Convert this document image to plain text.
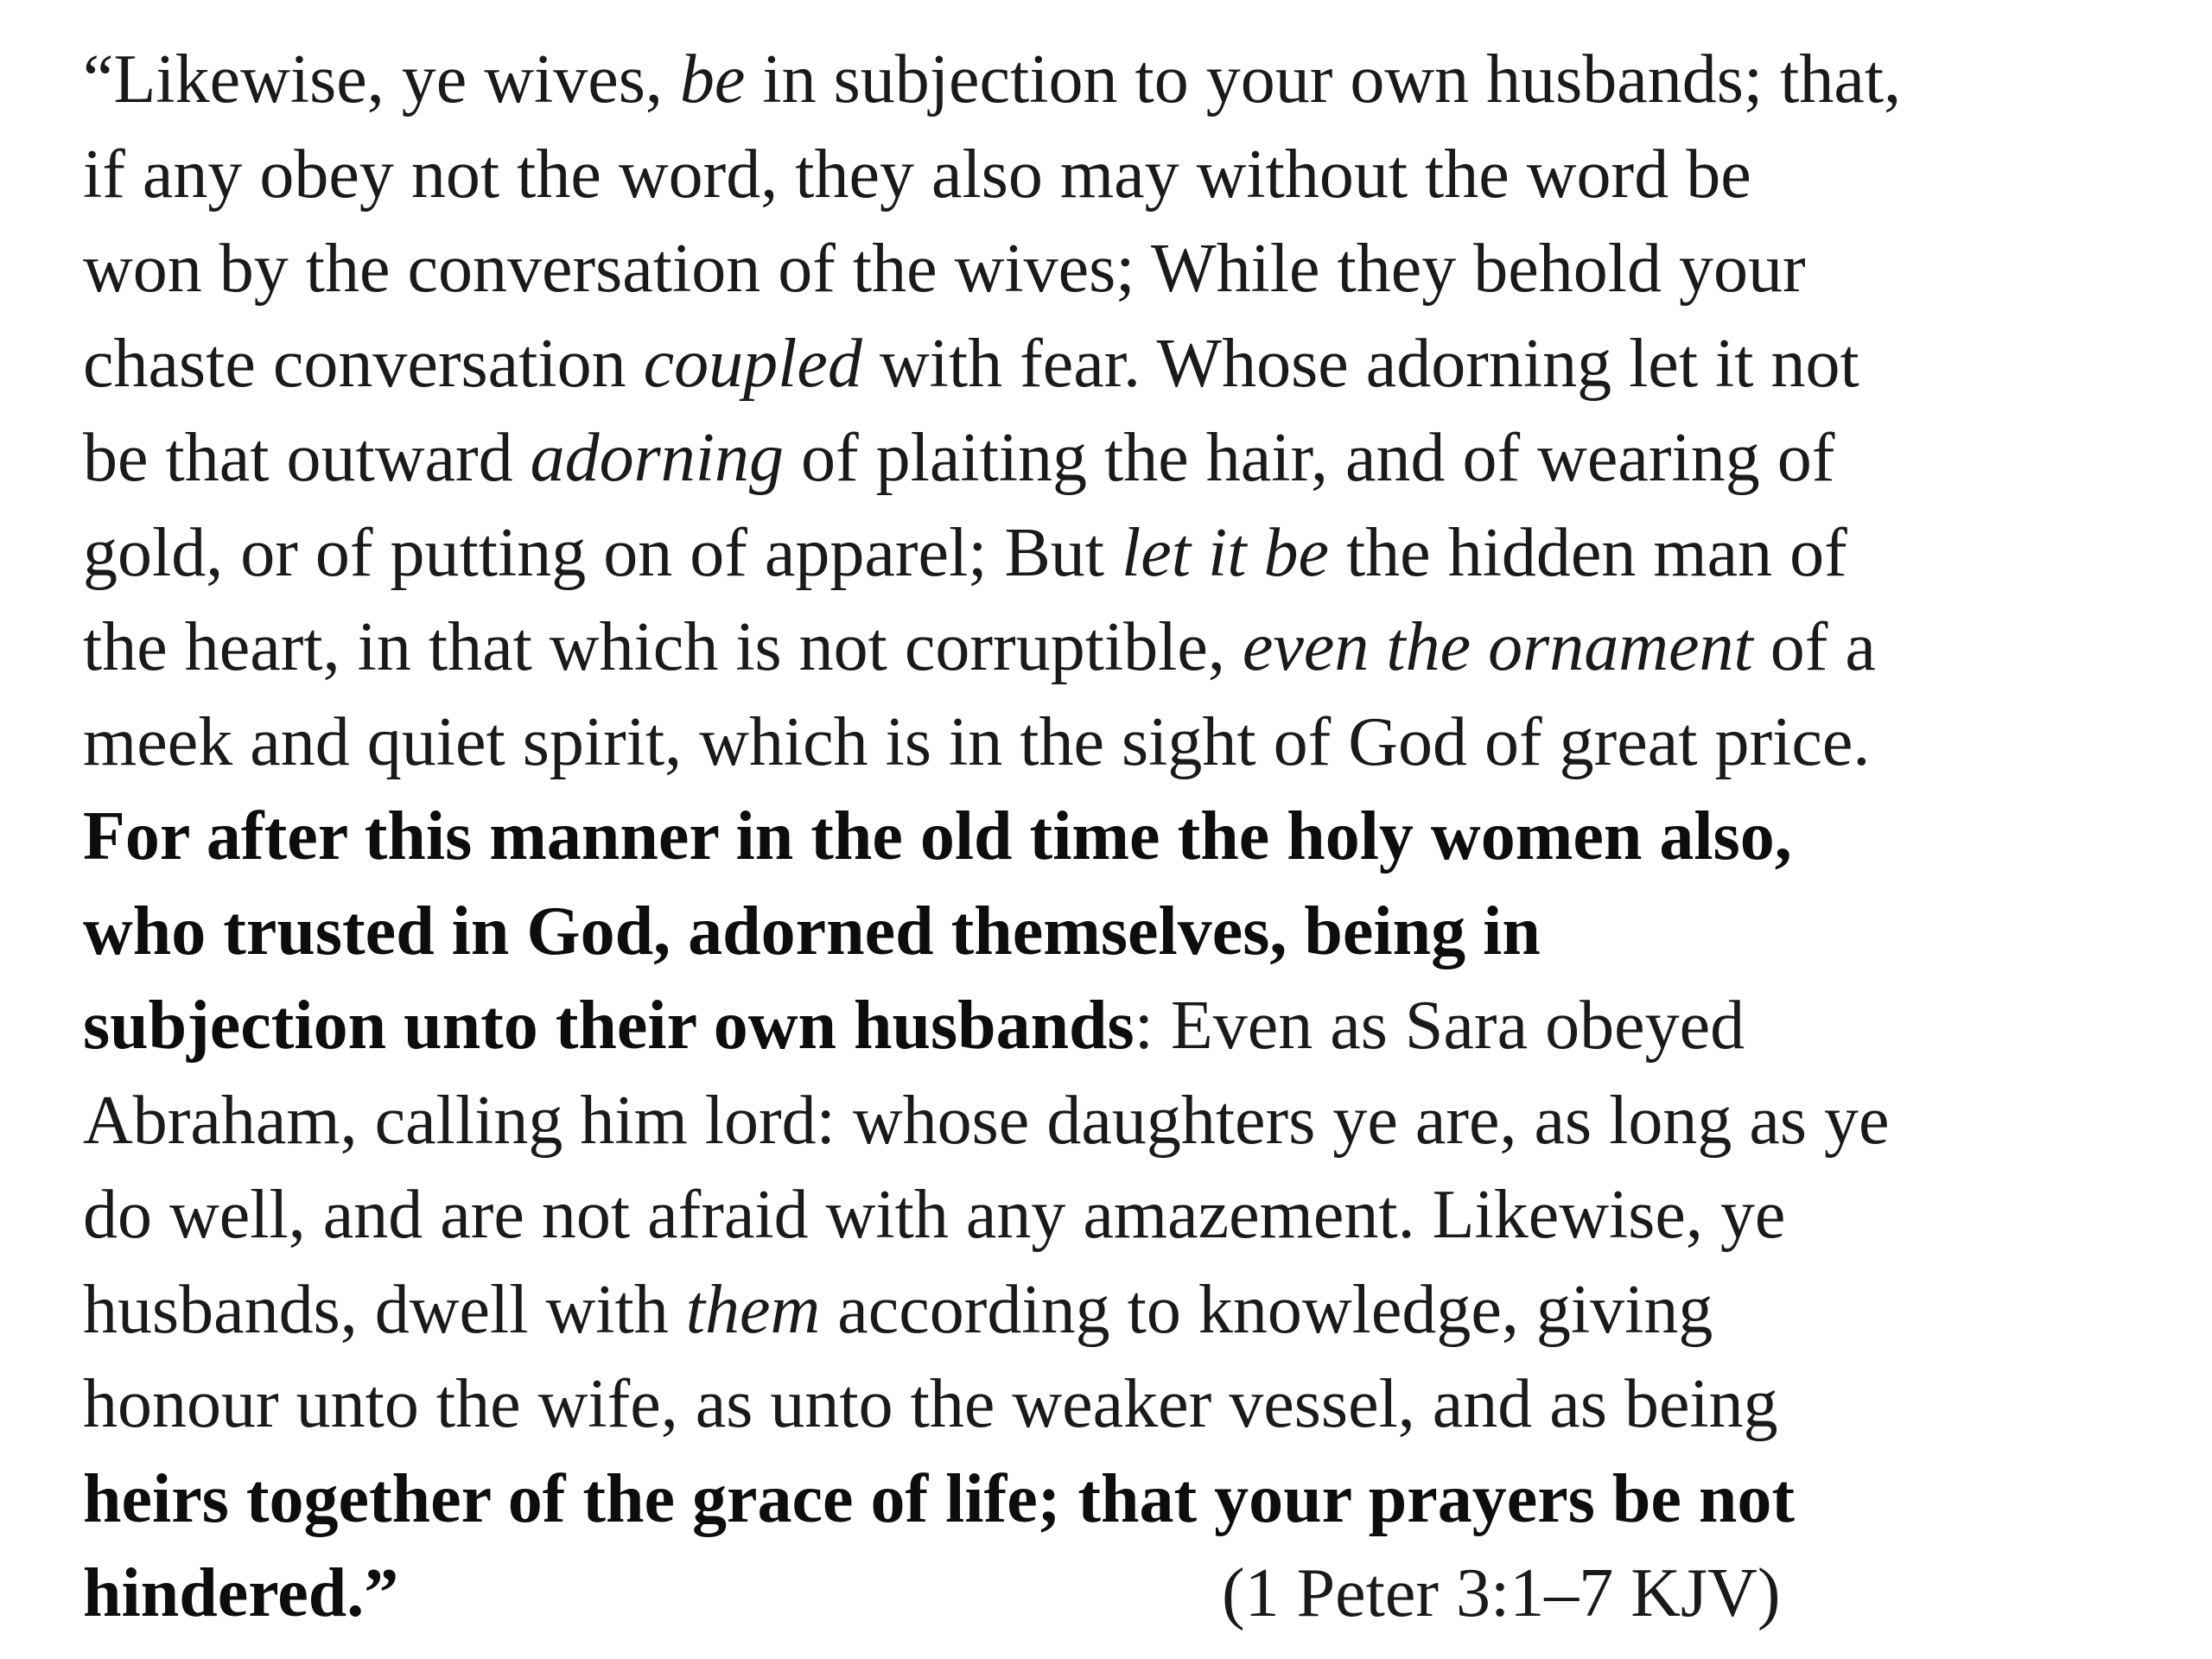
“Likewise, ye wives, be in subjection to your own husbands; that,
if any obey not the word, they also may without the word be
won by the conversation of the wives; While they behold your
chaste conversation coupled with fear. Whose adorning let it not
be that outward adorning of plaiting the hair, and of wearing of
gold, or of putting on of apparel; But let it be the hidden man of
the heart, in that which is not corruptible, even the ornament of a
meek and quiet spirit, which is in the sight of God of great price.
For after this manner in the old time the holy women also,
who trusted in God, adorned themselves, being in
subjection unto their own husbands: Even as Sara obeyed
Abraham, calling him lord: whose daughters ye are, as long as ye
do well, and are not afraid with any amazement. Likewise, ye
husbands, dwell with them according to knowledge, giving
honour unto the wife, as unto the weaker vessel, and as being
heirs together of the grace of life; that your prayers be not
hindered.”	(1 Peter 3:1–7 KJV)
